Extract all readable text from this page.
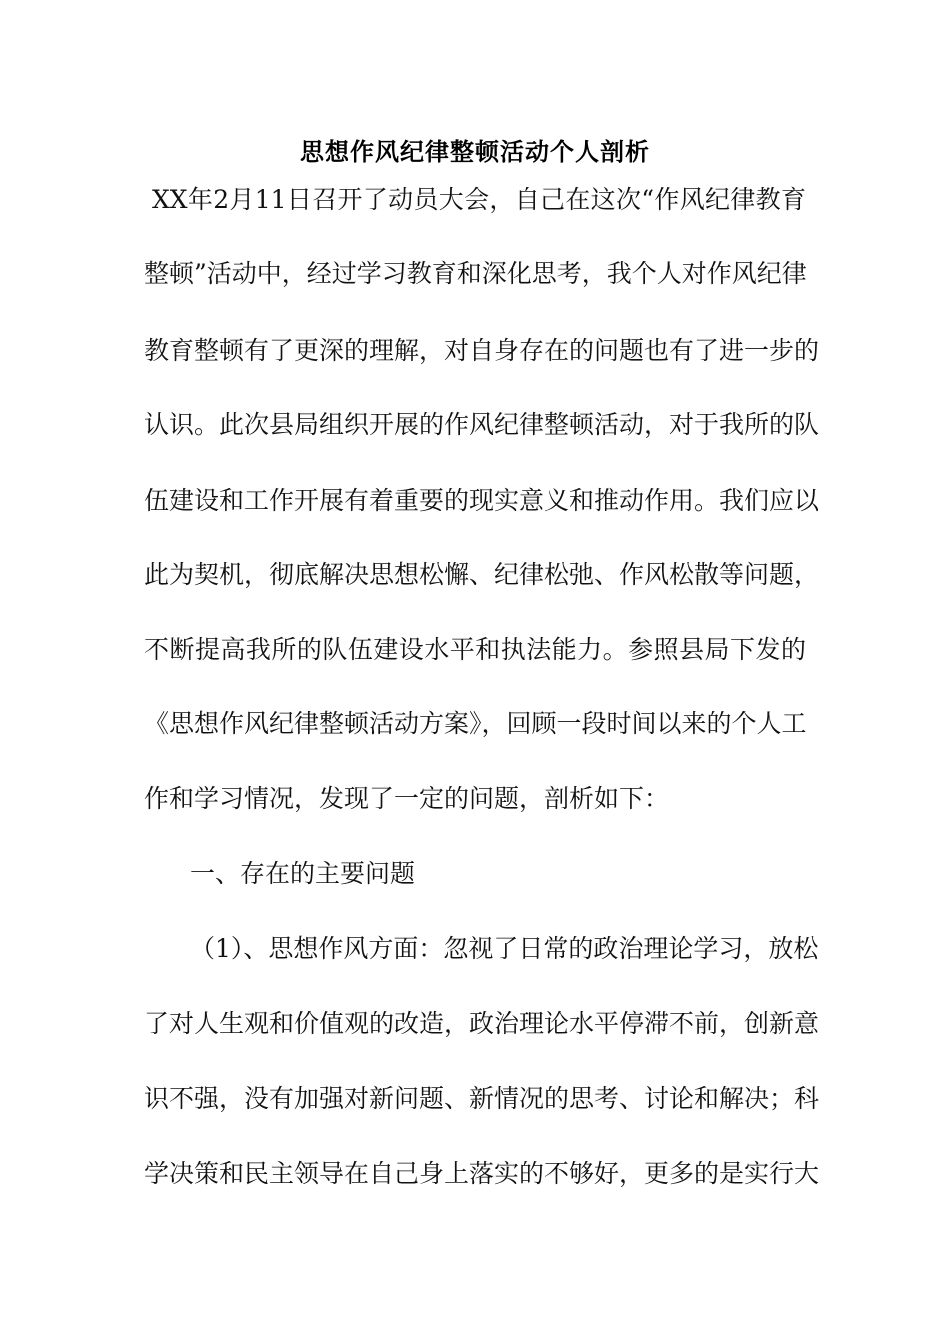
思想作风纪律整顿活动个人剖析
XX年2月11日召开了动员大会，自己在这次“作风纪律教育
整顿”活动中，经过学习教育和深化思考，我个人对作风纪律
教育整顿有了更深的理解，对自身存在的问题也有了进一步的
认识。此次县局组织开展的作风纪律整顿活动，对于我所的队
伍建设和工作开展有着重要的现实意义和推动作用。我们应以
此为契机，彻底解决思想松懈、纪律松弛、作风松散等问题，
不断提高我所的队伍建设水平和执法能力。参照县局下发的
《思想作风纪律整顿活动方案》，回顾一段时间以来的个人工
作和学习情况，发现了一定的问题，剖析如下：
一、存在的主要问题
（1）、思想作风方面：忽视了日常的政治理论学习，放松
了对人生观和价值观的改造，政治理论水平停滞不前，创新意
识不强，没有加强对新问题、新情况的思考、讨论和解决；科
学决策和民主领导在自己身上落实的不够好，更多的是实行大
